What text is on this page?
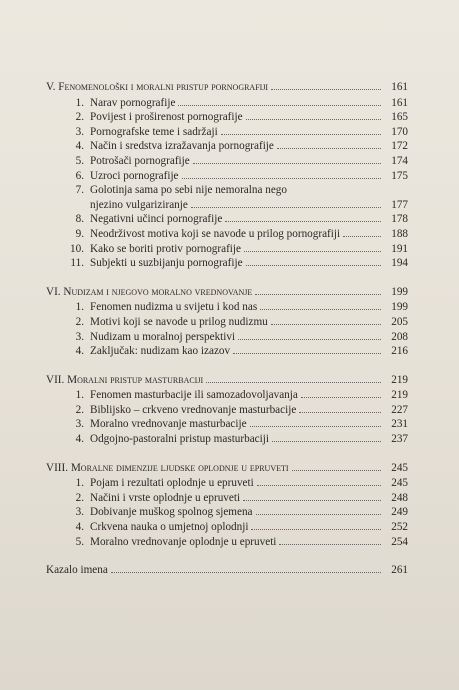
V. Fenomenološki i moralni pristup pornografiji	161
1. Narav pornografije	161
2. Povijest i proširenost pornografije	165
3. Pornografske teme i sadržaji	170
4. Način i sredstva izražavanja pornografije	172
5. Potrošači pornografije	174
6. Uzroci pornografije	175
7. Golotinja sama po sebi nije nemoralna nego
njezino vulgariziranje	177
8. Negativni učinci pornografije	178
9. Neodrživost motiva koji se navode u prilog pornografiji	188
10. Kako se boriti protiv pornografije	191
11. Subjekti u suzbijanju pornografije	194
VI. Nudizam i njegovo moralno vrednovanje	199
1. Fenomen nudizma u svijetu i kod nas	199
2. Motivi koji se navode u prilog nudizmu	205
3. Nudizam u moralnoj perspektivi	208
4. Zaključak: nudizam kao izazov	216
VII. Moralni pristup masturbaciji	219
1. Fenomen masturbacije ili samozadovoljavanja	219
2. Biblijsko – crkveno vrednovanje masturbacije	227
3. Moralno vrednovanje masturbacije	231
4. Odgojno-pastoralni pristup masturbaciji	237
VIII. Moralne dimenzije ljudske oplodnje u epruveti	245
1. Pojam i rezultati oplodnje u epruveti	245
2. Načini i vrste oplodnje u epruveti	248
3. Dobivanje muškog spolnog sjemena	249
4. Crkvena nauka o umjetnoj oplodnji	252
5. Moralno vrednovanje oplodnje u epruveti	254
Kazalo imena	261
